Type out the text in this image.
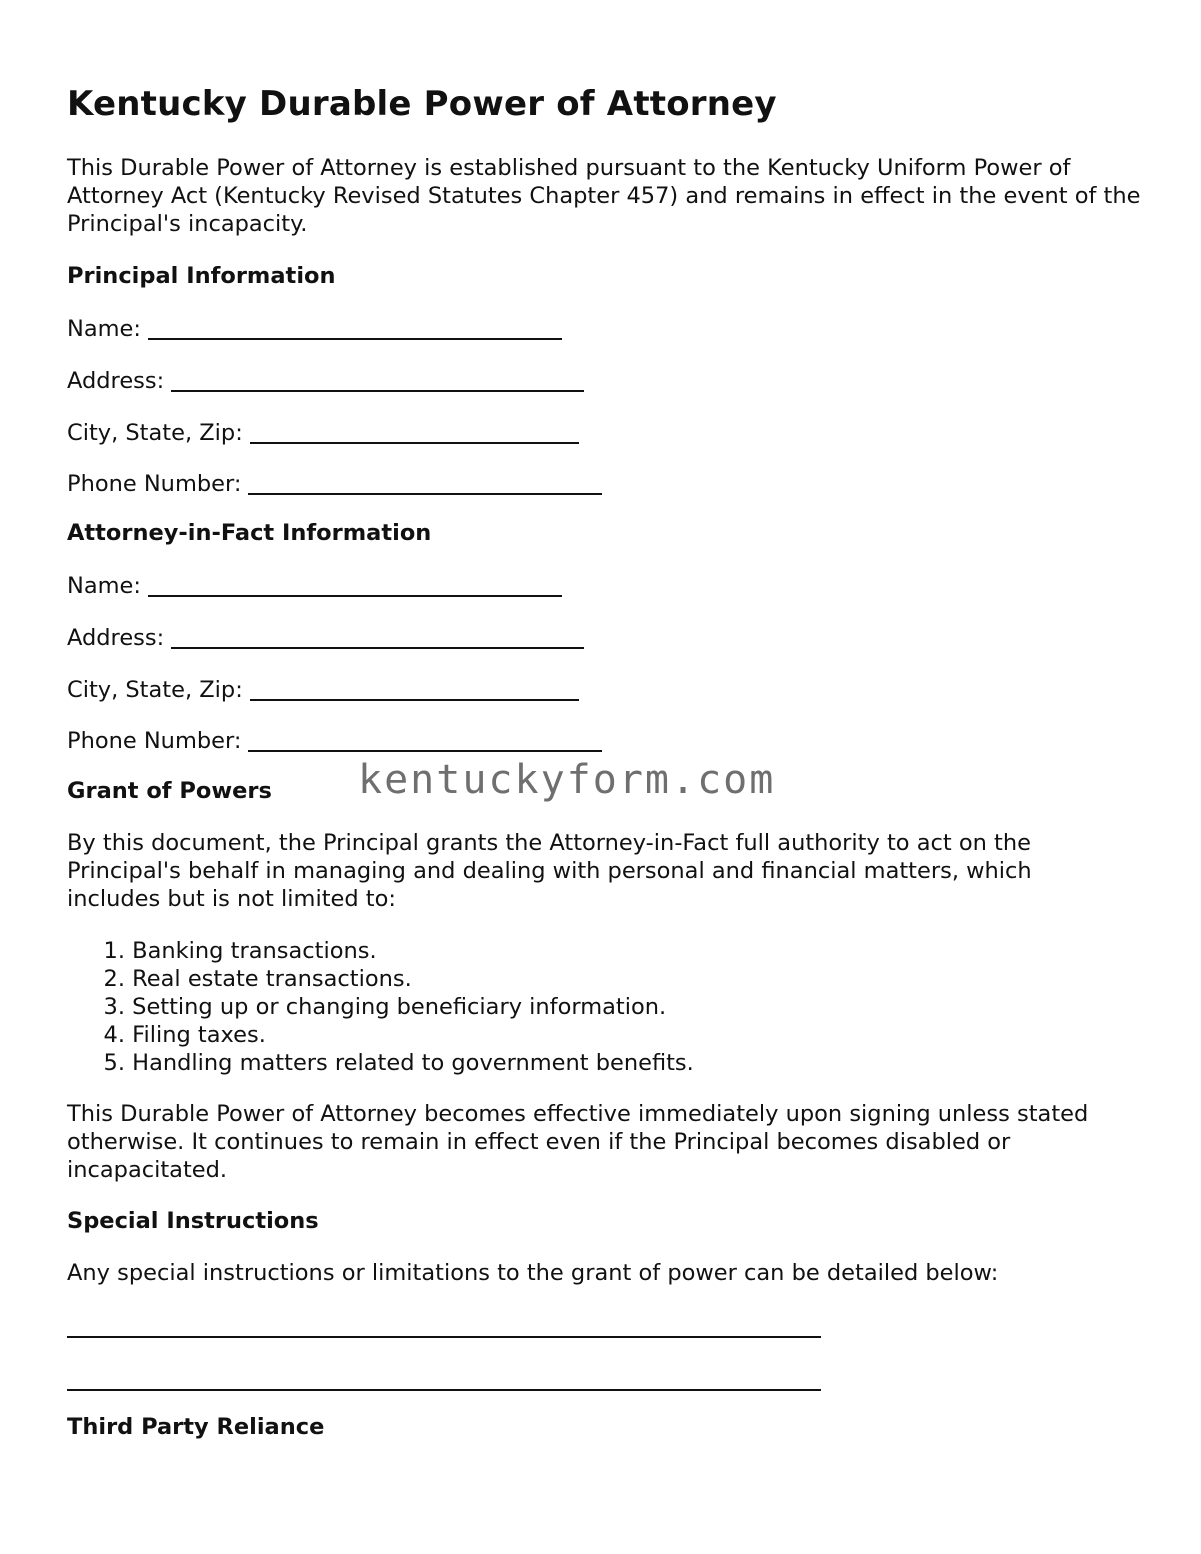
Kentucky Durable Power of Attorney

This Durable Power of Attorney is established pursuant to the Kentucky Uniform Power of Attorney Act (Kentucky Revised Statutes Chapter 457) and remains in effect in the event of the Principal's incapacity.

Principal Information
Name:
Address:
City, State, Zip:
Phone Number:
Attorney-in-Fact Information
Name:
Address:
City, State, Zip:
Phone Number:
Grant of Powers

By this document, the Principal grants the Attorney-in-Fact full authority to act on the Principal's behalf in managing and dealing with personal and financial matters, which includes but is not limited to:

1.
Banking transactions.
2.
Real estate transactions.
3.
Setting up or changing beneficiary information.
4.
Filing taxes.
5.
Handling matters related to government benefits.

This Durable Power of Attorney becomes effective immediately upon signing unless stated otherwise. It continues to remain in effect even if the Principal becomes disabled or incapacitated.

Special Instructions

Any special instructions or limitations to the grant of power can be detailed below:

Third Party Reliance
kentuckyform.com
